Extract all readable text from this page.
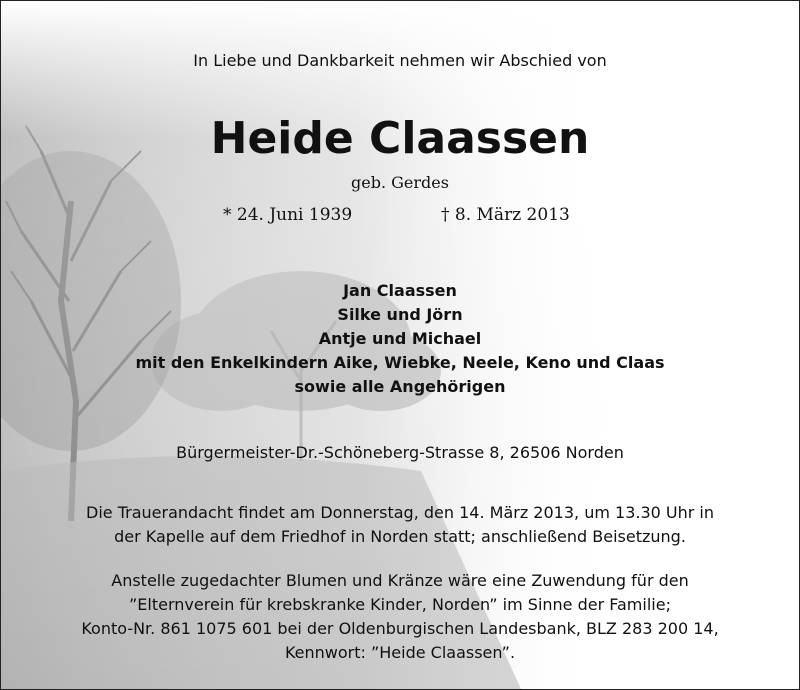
In Liebe und Dankbarkeit nehmen wir Abschied von
Heide Claassen
geb. Gerdes
* 24. Juni 1939	† 8. März 2013
Jan Claassen
Silke und Jörn
Antje und Michael
mit den Enkelkindern Aike, Wiebke, Neele, Keno und Claas
sowie alle Angehörigen
Bürgermeister-Dr.-Schöneberg-Strasse 8, 26506 Norden
Die Trauerandacht findet am Donnerstag, den 14. März 2013, um 13.30 Uhr in
der Kapelle auf dem Friedhof in Norden statt; anschließend Beisetzung.
Anstelle zugedachter Blumen und Kränze wäre eine Zuwendung für den
”Elternverein für krebskranke Kinder, Norden” im Sinne der Familie;
Konto-Nr. 861 1075 601 bei der Oldenburgischen Landesbank, BLZ 283 200 14,
Kennwort: ”Heide Claassen”.
